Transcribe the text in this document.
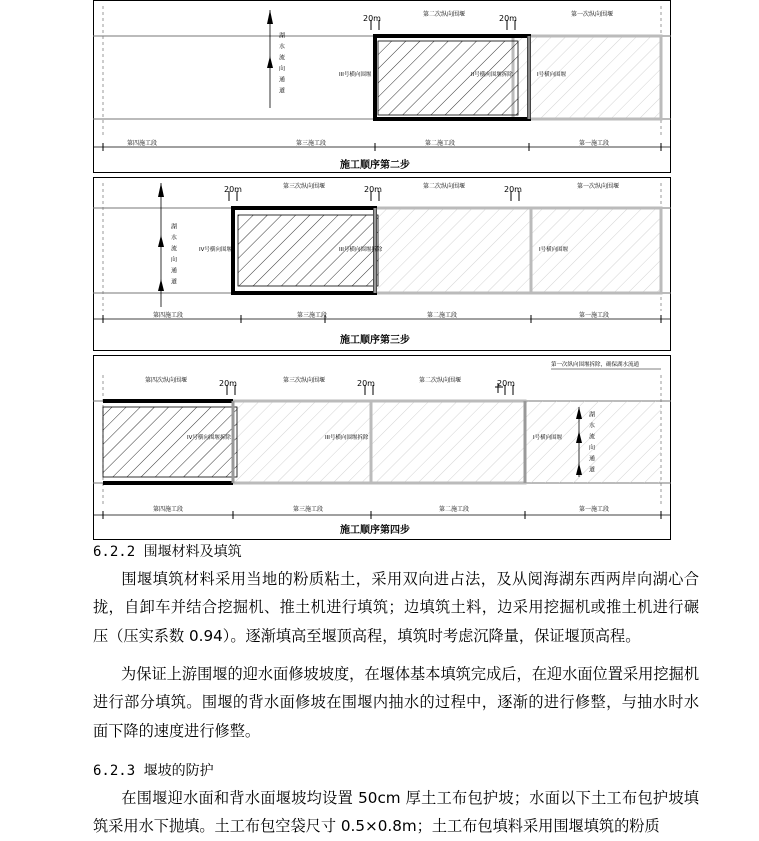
20m	20m
第二次纵向围堰	第一次纵向围堰
III号横向围堰	II号横向围堰拆除	I号横向围堰
湖水流向通道
第四施工段	第三施工段	第二施工段	第一施工段
施工顺序第二步
20m	20m	20m
第三次纵向围堰	第二次纵向围堰	第一次纵向围堰
IV号横向围堰	III号横向围堰拆除	I号横向围堰
湖水流向通道
第四施工段	第三施工段	第二施工段	第一施工段
施工顺序第三步
20m	20m	20m
第四次纵向围堰	第三次纵向围堰	第二次纵向围堰
第一次纵向围堰拆除，确保湖水流通
IV号横向围堰拆除	III号横向围堰拆除	I号横向围堰	湖水流向通道
第四施工段	第三施工段	第二施工段	第一施工段
施工顺序第四步
6.2.2 围堰材料及填筑
围堰填筑材料采用当地的粉质粘土，采用双向进占法，及从阅海湖东西两岸向湖心合拢，自卸车并结合挖掘机、推土机进行填筑；边填筑土料，边采用挖掘机或推土机进行碾压（压实系数 0.94）。逐渐填高至堰顶高程，填筑时考虑沉降量，保证堰顶高程。
为保证上游围堰的迎水面修坡坡度，在堰体基本填筑完成后，在迎水面位置采用挖掘机进行部分填筑。围堰的背水面修坡在围堰内抽水的过程中，逐渐的进行修整，与抽水时水面下降的速度进行修整。
6.2.3 堰坡的防护
在围堰迎水面和背水面堰坡均设置 50cm 厚土工布包护坡；水面以下土工布包护坡填筑采用水下抛填。土工布包空袋尺寸 0.5×0.8m；土工布包填料采用围堰填筑的粉质
